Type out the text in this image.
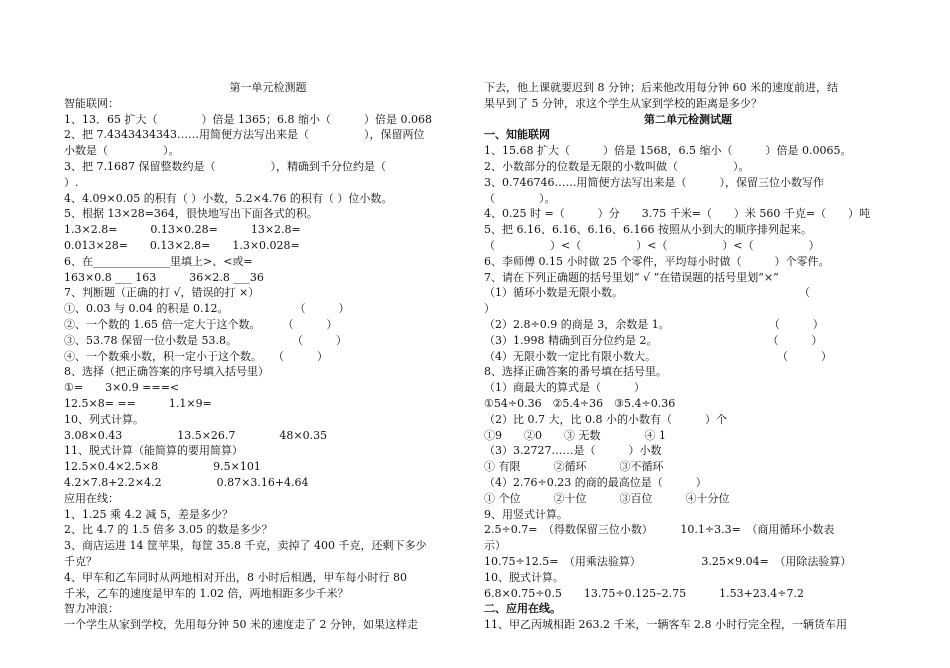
第一单元检测题
智能联网：
1、13．65 扩大（　　　　）倍是 1365；6.8 缩小（　　　）倍是 0.068
2、把 7.4343434343……用简便方法写出来是（　　　　　），保留两位
小数是（　　　　　）。
3、把 7.1687 保留整数约是（　　　　　），精确到千分位约是（
）.
4、4.09×0.05 的积有（ ）小数，5.2×4.76 的积有（ ）位小数。
5、根据 13×28=364，很快地写出下面各式的积。
1.3×2.8=　　　0.13×0.28=　　　13×2.8=
0.013×28=　　0.13×2.8=　　1.3×0.028=
6、在______________里填上>、<或=
163×0.8 ___ 163　　　36×2.8 ___36
7、判断题（正确的打 √，错误的打 ×）
①、0.03 与 0.04 的积是 0.12。　　　　　　　（　　　）
②、一个数的 1.65 倍一定大于这个数。　　　（　　　）
③、53.78 保留一位小数是 53.8。　　　　　　（　　　）
④、一个数乘小数，积一定小于这个数。　　（　　　）
8、选择（把正确答案的序号填入括号里）
①=　　3×0.9 ===<
12.5×8= ==　　　1.1×9=
10、列式计算。
3.08×0.43　　　　　13.5×26.7　　　　48×0.35
11、脱式计算（能简算的要用简算）
12.5×0.4×2.5×8　　　　　9.5×101
4.2×7.8+2.2×4.2　　　　　0.87×3.16+4.64
应用在线：
1、1.25 乘 4.2 减 5，差是多少？
2、比 4.7 的 1.5 倍多 3.05 的数是多少？
3、商店运进 14 筐苹果，每筐 35.8 千克，卖掉了 400 千克，还剩下多少
千克？
4、甲车和乙车同时从两地相对开出，8 小时后相遇，甲车每小时行 80
千米，乙车的速度是甲车的 1.02 倍，两地相距多少千米？
智力冲浪：
一个学生从家到学校，先用每分钟 50 米的速度走了 2 分钟，如果这样走
下去，他上课就要迟到 8 分钟；后来他改用每分钟 60 米的速度前进，结
果早到了 5 分钟，求这个学生从家到学校的距离是多少？
第二单元检测试题
一、知能联网
1、15.68 扩大（　　　）倍是 1568，6.5 缩小（　　　）倍是 0.0065。
2、小数部分的位数是无限的小数叫做（　　　　　）。
3、0.746746……用简便方法写出来是（　　　），保留三位小数写作
（　　　　）。
4、0.25 时 =（　　　）分　　3.75 千米=（　　）米 560 千克=（　　）吨
5、把 6.16、6.16、6.16、6.166 按照从小到大的顺序排列起来。
（　　　　　）<（　　　　　）<（　　　　　）<（　　　　　）
6、李师傅 0.15 小时做 25 个零件，平均每小时做（　　　）个零件。
7、请在下列正确题的括号里划“ √ ”在错误题的括号里划“×”
（1）循环小数是无限小数。　　　　　　　　　　　　　　　　　（
）
（2）2.8÷0.9 的商是 3，余数是 1。　　　　　　　　　　（　　　）
（3）1.998 精确到百分位约是 2。　　　　　　　　　　　（　　　）
（4）无限小数一定比有限小数大。　　　　　　　　　　　　（　　　）
8、选择正确答案的番号填在括号里。
（1）商最大的算式是（　　　）
①54÷0.36　②5.4÷36　③5.4÷0.36
（2）比 0.7 大，比 0.8 小的小数有（　　　）个
①9　　②0　　③ 无数　　　　④ 1
（3）3.2727……是（　　　）小数
① 有限　　　②循环　　　③不循环
（4）2.76÷0.23 的商的最高位是（　　　）
① 个位　　　②十位　　　③百位　　　④十分位
9、用竖式计算。
2.5÷0.7=　（得数保留三位小数）　　　10.1÷3.3=　（商用循环小数表
示）
10.75÷12.5=　（用乘法验算）　　　　　　3.25×9.04=　（用除法验算）
10、脱式计算。
6.8×0.75÷0.5　　13.75÷0.125–2.75　　　1.53+23.4÷7.2
二、应用在线。
11、甲乙丙城相距 263.2 千米，一辆客车 2.8 小时行完全程，一辆货车用
